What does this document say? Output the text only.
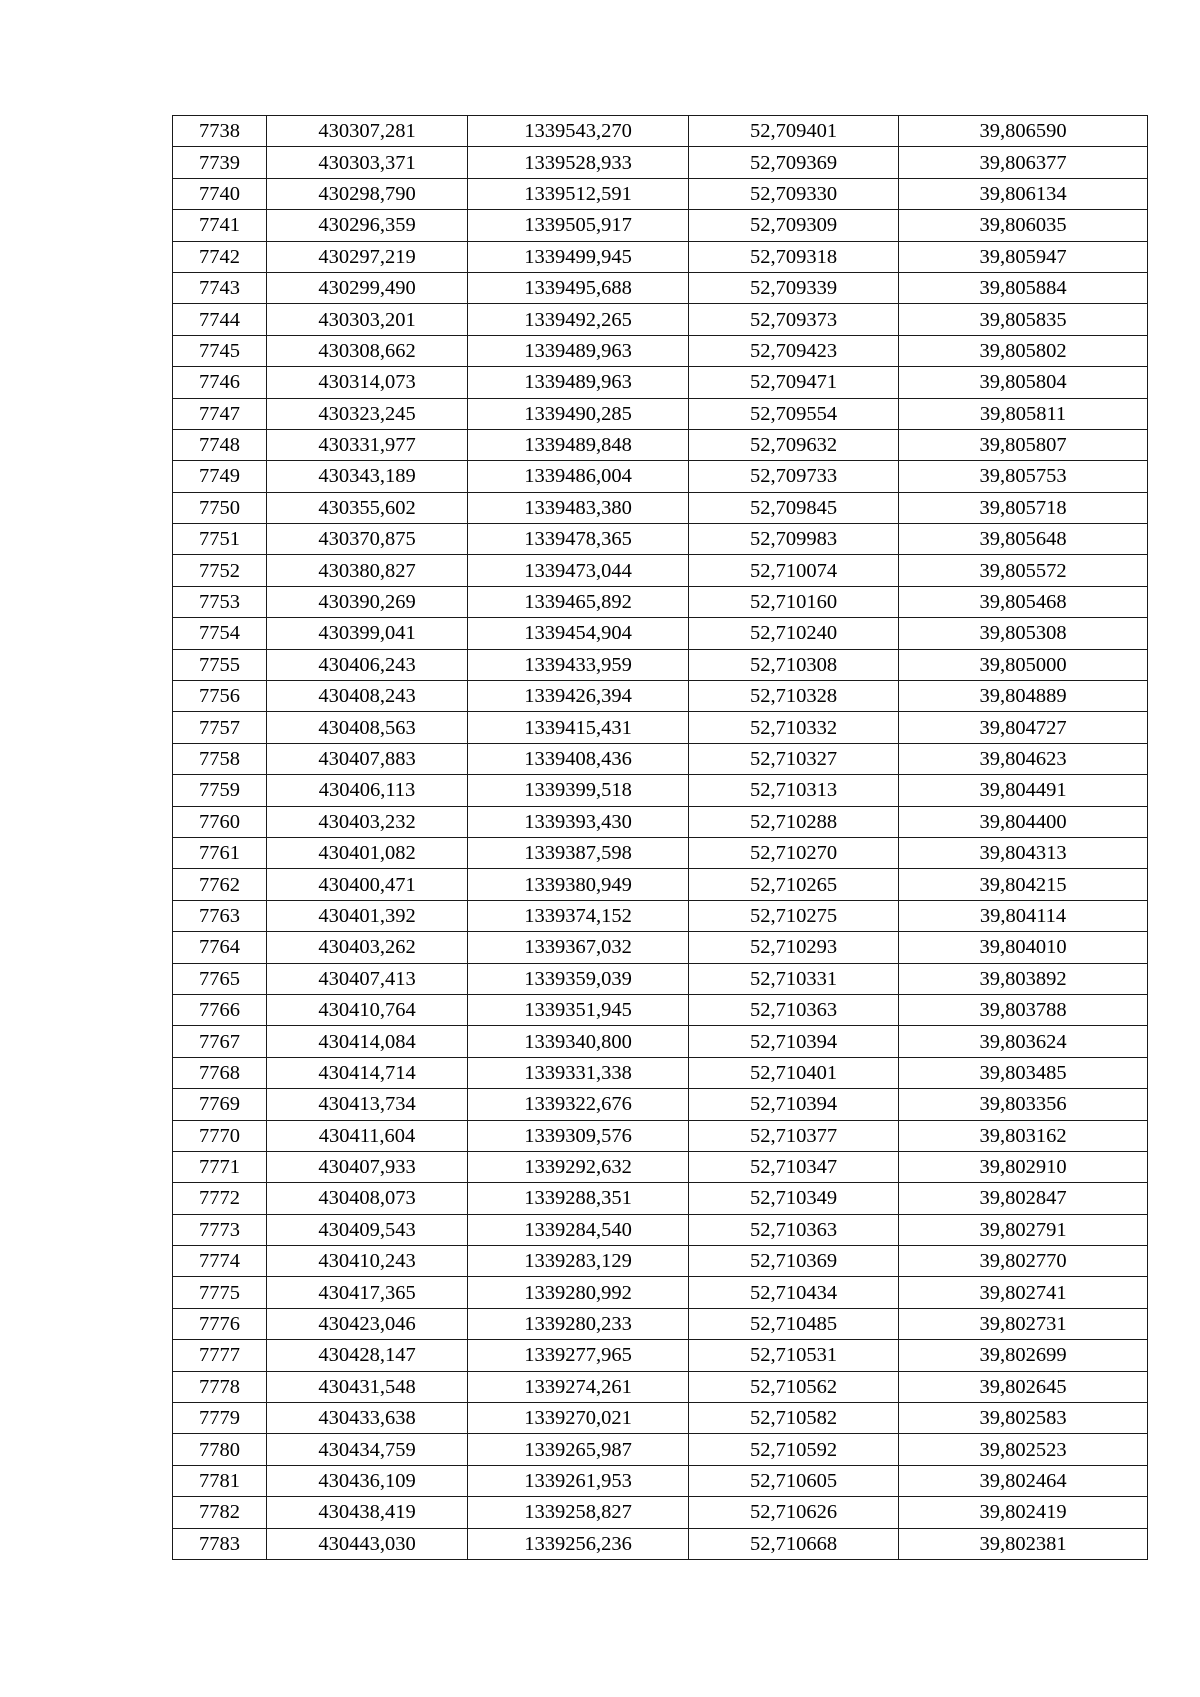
7738	430307,281	1339543,270	52,709401	39,806590
7739	430303,371	1339528,933	52,709369	39,806377
7740	430298,790	1339512,591	52,709330	39,806134
7741	430296,359	1339505,917	52,709309	39,806035
7742	430297,219	1339499,945	52,709318	39,805947
7743	430299,490	1339495,688	52,709339	39,805884
7744	430303,201	1339492,265	52,709373	39,805835
7745	430308,662	1339489,963	52,709423	39,805802
7746	430314,073	1339489,963	52,709471	39,805804
7747	430323,245	1339490,285	52,709554	39,805811
7748	430331,977	1339489,848	52,709632	39,805807
7749	430343,189	1339486,004	52,709733	39,805753
7750	430355,602	1339483,380	52,709845	39,805718
7751	430370,875	1339478,365	52,709983	39,805648
7752	430380,827	1339473,044	52,710074	39,805572
7753	430390,269	1339465,892	52,710160	39,805468
7754	430399,041	1339454,904	52,710240	39,805308
7755	430406,243	1339433,959	52,710308	39,805000
7756	430408,243	1339426,394	52,710328	39,804889
7757	430408,563	1339415,431	52,710332	39,804727
7758	430407,883	1339408,436	52,710327	39,804623
7759	430406,113	1339399,518	52,710313	39,804491
7760	430403,232	1339393,430	52,710288	39,804400
7761	430401,082	1339387,598	52,710270	39,804313
7762	430400,471	1339380,949	52,710265	39,804215
7763	430401,392	1339374,152	52,710275	39,804114
7764	430403,262	1339367,032	52,710293	39,804010
7765	430407,413	1339359,039	52,710331	39,803892
7766	430410,764	1339351,945	52,710363	39,803788
7767	430414,084	1339340,800	52,710394	39,803624
7768	430414,714	1339331,338	52,710401	39,803485
7769	430413,734	1339322,676	52,710394	39,803356
7770	430411,604	1339309,576	52,710377	39,803162
7771	430407,933	1339292,632	52,710347	39,802910
7772	430408,073	1339288,351	52,710349	39,802847
7773	430409,543	1339284,540	52,710363	39,802791
7774	430410,243	1339283,129	52,710369	39,802770
7775	430417,365	1339280,992	52,710434	39,802741
7776	430423,046	1339280,233	52,710485	39,802731
7777	430428,147	1339277,965	52,710531	39,802699
7778	430431,548	1339274,261	52,710562	39,802645
7779	430433,638	1339270,021	52,710582	39,802583
7780	430434,759	1339265,987	52,710592	39,802523
7781	430436,109	1339261,953	52,710605	39,802464
7782	430438,419	1339258,827	52,710626	39,802419
7783	430443,030	1339256,236	52,710668	39,802381
